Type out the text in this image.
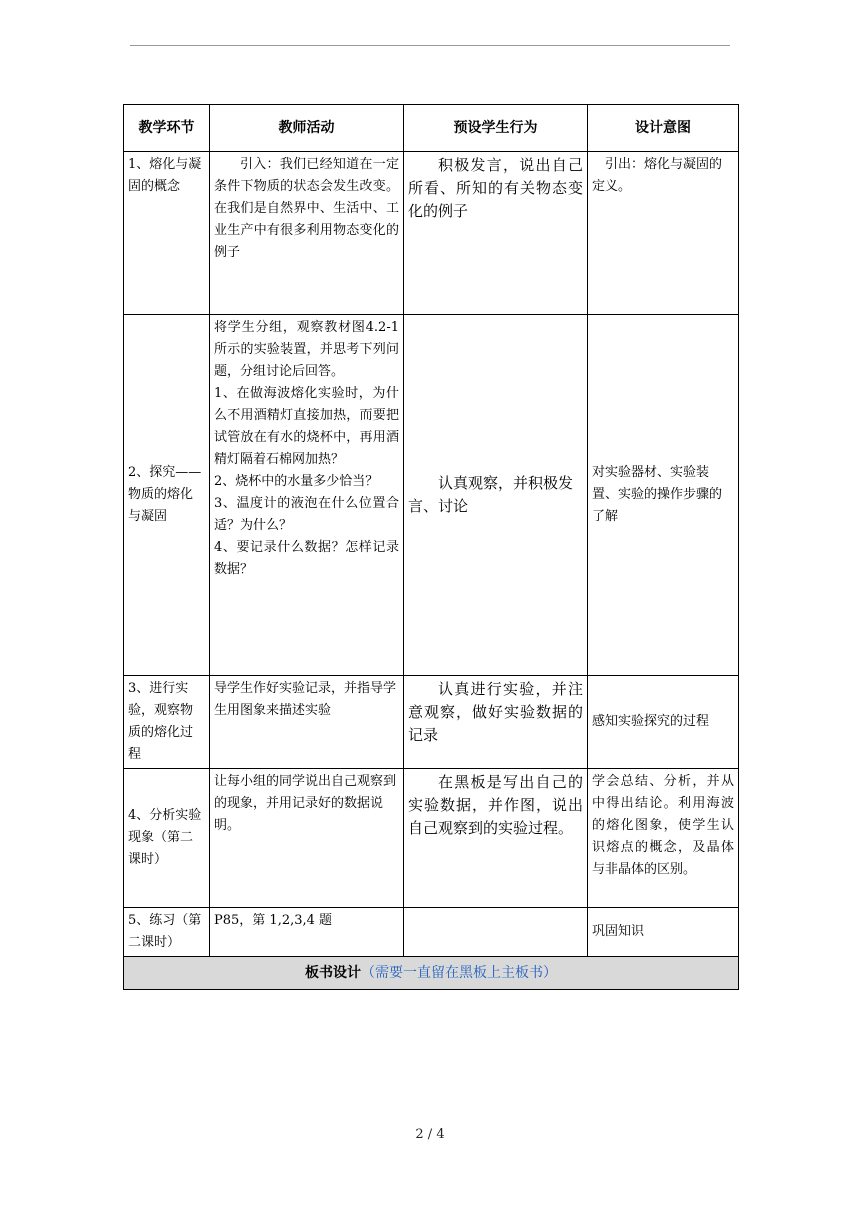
教学环节	教师活动	预设学生行为	设计意图
1、熔化与凝固的概念	引入：我们已经知道在一定条件下物质的状态会发生改变。在我们是自然界中、生活中、工业生产中有很多利用物态变化的例子	积极发言，说出自己所看、所知的有关物态变化的例子	引出：熔化与凝固的定义。
2、探究——物质的熔化与凝固	将学生分组，观察教材图4.2-1所示的实验装置，并思考下列问题，分组讨论后回答。
1、在做海波熔化实验时，为什么不用酒精灯直接加热，而要把试管放在有水的烧杯中，再用酒精灯隔着石棉网加热？
2、烧杯中的水量多少恰当？
3、温度计的液泡在什么位置合适？为什么？
4、要记录什么数据？怎样记录数据？	认真观察，并积极发言、讨论	对实验器材、实验装置、实验的操作步骤的了解
3、进行实验，观察物质的熔化过程	导学生作好实验记录，并指导学生用图象来描述实验	认真进行实验，并注意观察，做好实验数据的记录	感知实验探究的过程
4、分析实验现象（第二课时）	让每小组的同学说出自己观察到的现象，并用记录好的数据说明。	在黑板是写出自己的实验数据，并作图，说出自己观察到的实验过程。	学会总结、分析，并从中得出结论。利用海波的熔化图象，使学生认识熔点的概念，及晶体与非晶体的区别。
5、练习（第二课时）	P85，第 1,2,3,4 题		巩固知识
板书设计（需要一直留在黑板上主板书）			
2 / 4
